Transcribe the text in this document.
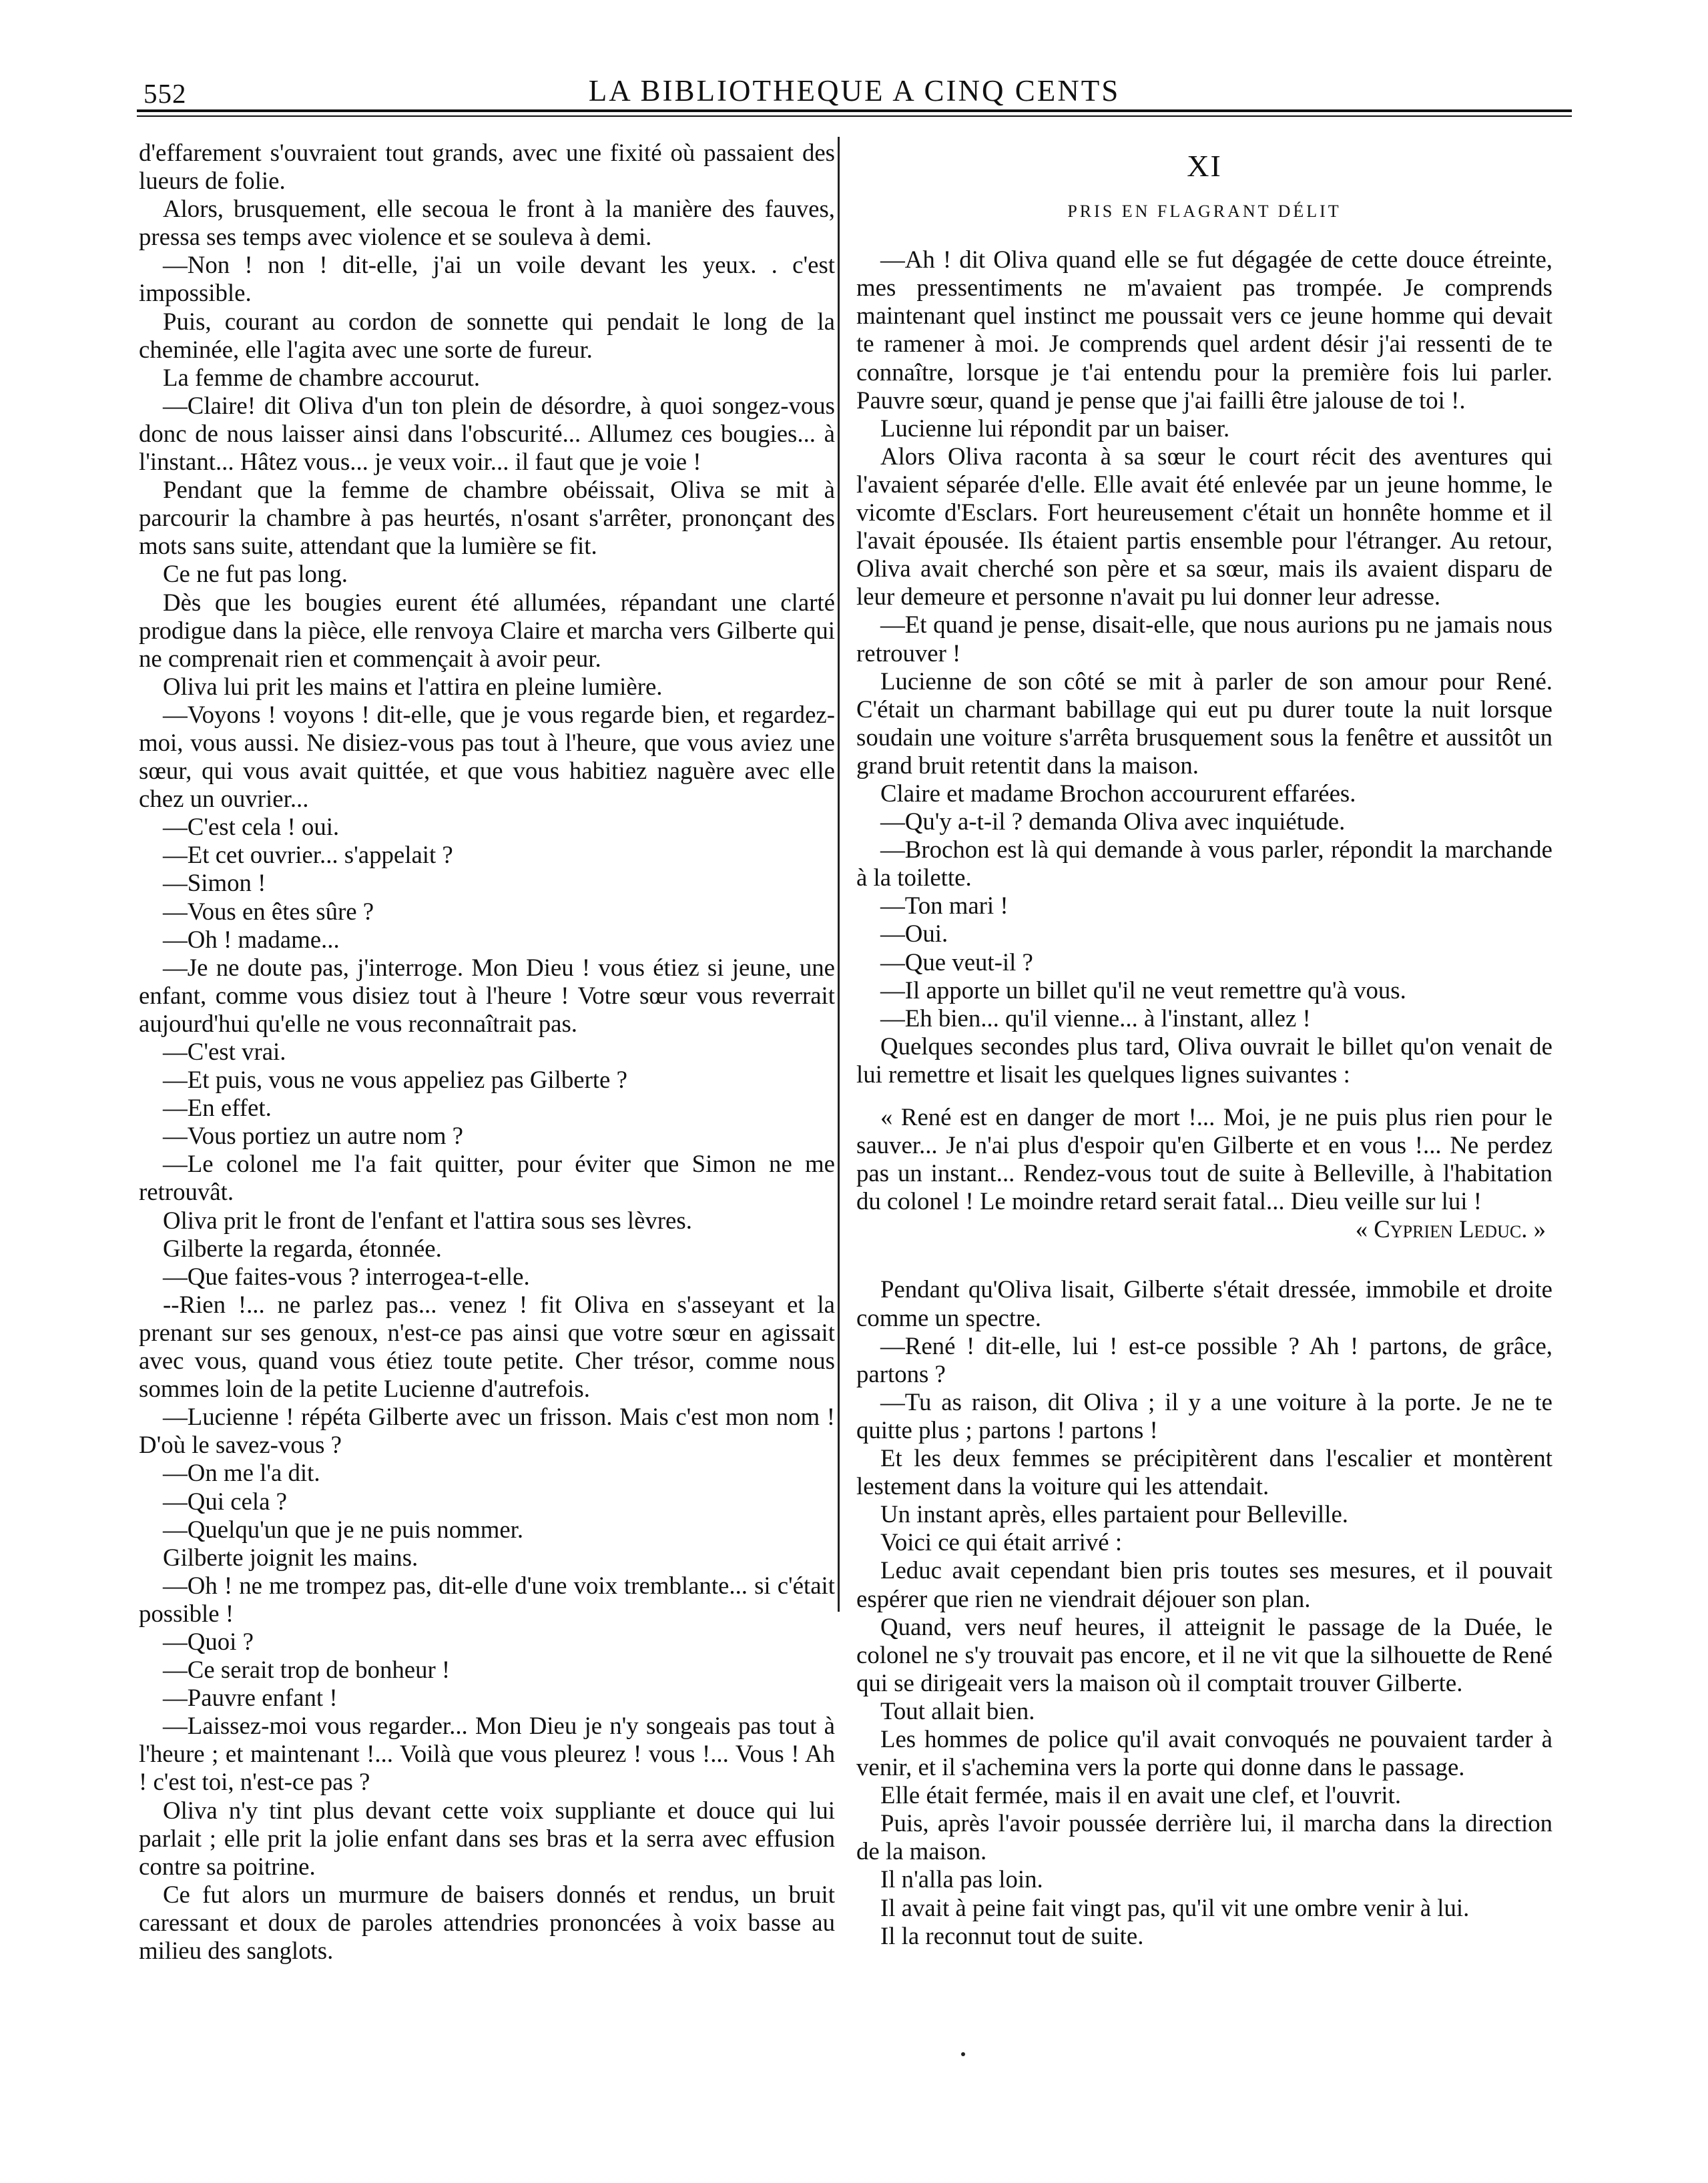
552	LA BIBLIOTHEQUE A CINQ CENTS

d'effarement s'ouvraient tout grands, avec une fixité où passaient des lueurs de folie.

Alors, brusquement, elle secoua le front à la manière des fauves, pressa ses temps avec violence et se souleva à demi.

—Non ! non ! dit-elle, j'ai un voile devant les yeux. . c'est impossible.

Puis, courant au cordon de sonnette qui pendait le long de la cheminée, elle l'agita avec une sorte de fureur.

La femme de chambre accourut.

—Claire! dit Oliva d'un ton plein de désordre, à quoi songez-vous donc de nous laisser ainsi dans l'obscurité... Allumez ces bougies... à l'instant... Hâtez vous... je veux voir... il faut que je voie !

Pendant que la femme de chambre obéissait, Oliva se mit à parcourir la chambre à pas heurtés, n'osant s'arrêter, prononçant des mots sans suite, attendant que la lumière se fit.

Ce ne fut pas long.

Dès que les bougies eurent été allumées, répandant une clarté prodigue dans la pièce, elle renvoya Claire et marcha vers Gilberte qui ne comprenait rien et commençait à avoir peur.

Oliva lui prit les mains et l'attira en pleine lumière.

—Voyons ! voyons ! dit-elle, que je vous regarde bien, et regardez-moi, vous aussi. Ne disiez-vous pas tout à l'heure, que vous aviez une sœur, qui vous avait quittée, et que vous habitiez naguère avec elle chez un ouvrier...

—C'est cela ! oui.

—Et cet ouvrier... s'appelait ?

—Simon !

—Vous en êtes sûre ?

—Oh ! madame...

—Je ne doute pas, j'interroge. Mon Dieu ! vous étiez si jeune, une enfant, comme vous disiez tout à l'heure ! Votre sœur vous reverrait aujourd'hui qu'elle ne vous reconnaîtrait pas.

—C'est vrai.

—Et puis, vous ne vous appeliez pas Gilberte ?

—En effet.

—Vous portiez un autre nom ?

—Le colonel me l'a fait quitter, pour éviter que Simon ne me retrouvât.

Oliva prit le front de l'enfant et l'attira sous ses lèvres.

Gilberte la regarda, étonnée.

—Que faites-vous ? interrogea-t-elle.

--Rien !... ne parlez pas... venez ! fit Oliva en s'asseyant et la prenant sur ses genoux, n'est-ce pas ainsi que votre sœur en agissait avec vous, quand vous étiez toute petite. Cher trésor, comme nous sommes loin de la petite Lucienne d'autrefois.

—Lucienne ! répéta Gilberte avec un frisson. Mais c'est mon nom ! D'où le savez-vous ?

—On me l'a dit.

—Qui cela ?

—Quelqu'un que je ne puis nommer.

Gilberte joignit les mains.

—Oh ! ne me trompez pas, dit-elle d'une voix tremblante... si c'était possible !

—Quoi ?

—Ce serait trop de bonheur !

—Pauvre enfant !

—Laissez-moi vous regarder... Mon Dieu je n'y songeais pas tout à l'heure ; et maintenant !... Voilà que vous pleurez ! vous !... Vous ! Ah ! c'est toi, n'est-ce pas ?

Oliva n'y tint plus devant cette voix suppliante et douce qui lui parlait ; elle prit la jolie enfant dans ses bras et la serra avec effusion contre sa poitrine.

Ce fut alors un murmure de baisers donnés et rendus, un bruit caressant et doux de paroles attendries prononcées à voix basse au milieu des sanglots.

XI
PRIS EN FLAGRANT DÉLIT

—Ah ! dit Oliva quand elle se fut dégagée de cette douce étreinte, mes pressentiments ne m'avaient pas trompée. Je comprends maintenant quel instinct me poussait vers ce jeune homme qui devait te ramener à moi. Je comprends quel ardent désir j'ai ressenti de te connaître, lorsque je t'ai entendu pour la première fois lui parler. Pauvre sœur, quand je pense que j'ai failli être jalouse de toi !.

Lucienne lui répondit par un baiser.

Alors Oliva raconta à sa sœur le court récit des aventures qui l'avaient séparée d'elle. Elle avait été enlevée par un jeune homme, le vicomte d'Esclars. Fort heureusement c'était un honnête homme et il l'avait épousée. Ils étaient partis ensemble pour l'étranger. Au retour, Oliva avait cherché son père et sa sœur, mais ils avaient disparu de leur demeure et personne n'avait pu lui donner leur adresse.

—Et quand je pense, disait-elle, que nous aurions pu ne jamais nous retrouver !

Lucienne de son côté se mit à parler de son amour pour René. C'était un charmant babillage qui eut pu durer toute la nuit lorsque soudain une voiture s'arrêta brusquement sous la fenêtre et aussitôt un grand bruit retentit dans la maison.

Claire et madame Brochon accoururent effarées.

—Qu'y a-t-il ? demanda Oliva avec inquiétude.

—Brochon est là qui demande à vous parler, répondit la marchande à la toilette.

—Ton mari !

—Oui.

—Que veut-il ?

—Il apporte un billet qu'il ne veut remettre qu'à vous.

—Eh bien... qu'il vienne... à l'instant, allez !

Quelques secondes plus tard, Oliva ouvrait le billet qu'on venait de lui remettre et lisait les quelques lignes suivantes :

« René est en danger de mort !... Moi, je ne puis plus rien pour le sauver... Je n'ai plus d'espoir qu'en Gilberte et en vous !... Ne perdez pas un instant... Rendez-vous tout de suite à Belleville, à l'habitation du colonel ! Le moindre retard serait fatal... Dieu veille sur lui !

« Cyprien Leduc. »

Pendant qu'Oliva lisait, Gilberte s'était dressée, immobile et droite comme un spectre.

—René ! dit-elle, lui ! est-ce possible ? Ah ! partons, de grâce, partons ?

—Tu as raison, dit Oliva ; il y a une voiture à la porte. Je ne te quitte plus ; partons ! partons !

Et les deux femmes se précipitèrent dans l'escalier et montèrent lestement dans la voiture qui les attendait.

Un instant après, elles partaient pour Belleville.

Voici ce qui était arrivé :

Leduc avait cependant bien pris toutes ses mesures, et il pouvait espérer que rien ne viendrait déjouer son plan.

Quand, vers neuf heures, il atteignit le passage de la Duée, le colonel ne s'y trouvait pas encore, et il ne vit que la silhouette de René qui se dirigeait vers la maison où il comptait trouver Gilberte.

Tout allait bien.

Les hommes de police qu'il avait convoqués ne pouvaient tarder à venir, et il s'achemina vers la porte qui donne dans le passage.

Elle était fermée, mais il en avait une clef, et l'ouvrit.

Puis, après l'avoir poussée derrière lui, il marcha dans la direction de la maison.

Il n'alla pas loin.

Il avait à peine fait vingt pas, qu'il vit une ombre venir à lui.

Il la reconnut tout de suite.
